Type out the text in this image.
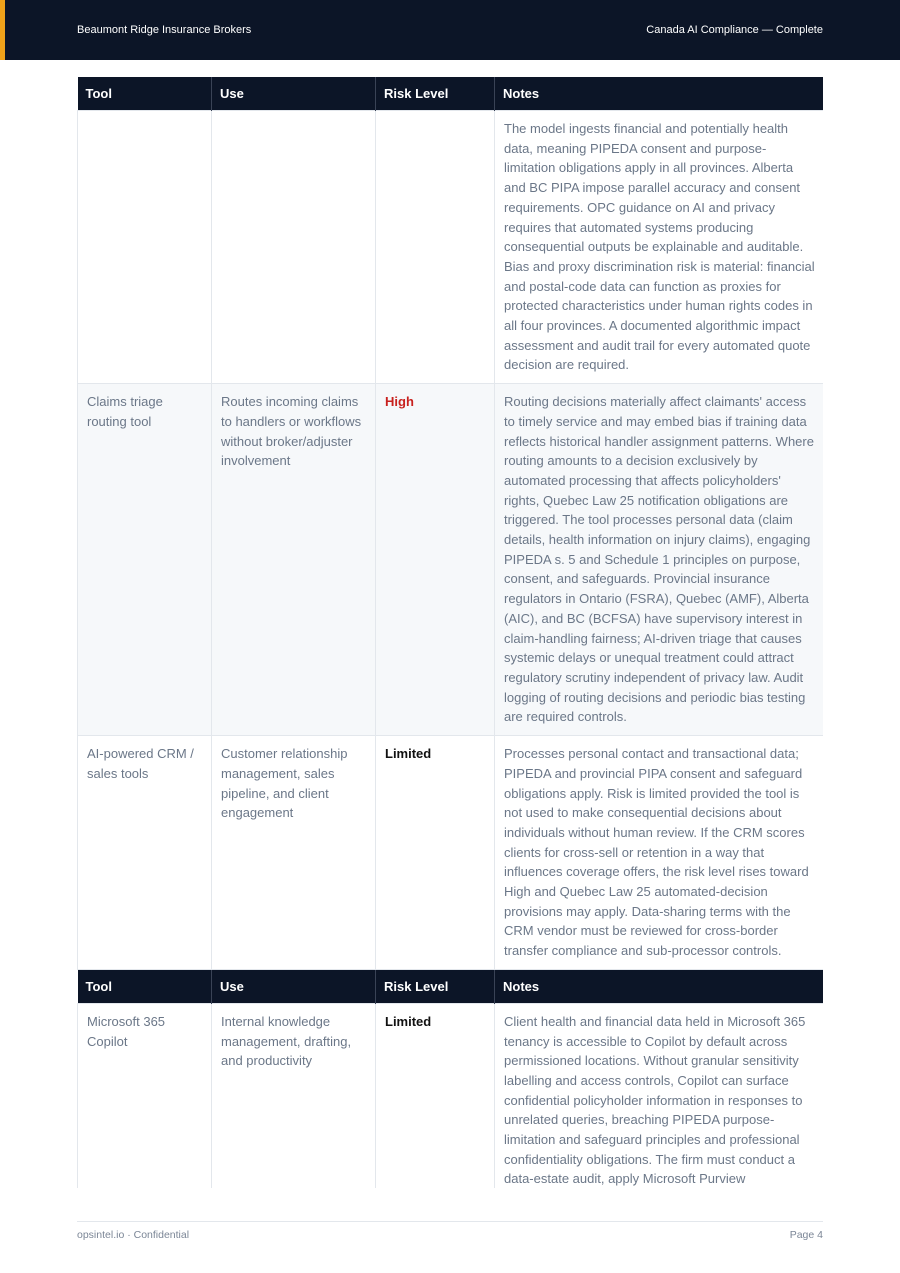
Beaumont Ridge Insurance Brokers	Canada AI Compliance — Complete
Tool	Use	Risk Level	Notes
			The model ingests financial and potentially health data, meaning PIPEDA consent and purpose-limitation obligations apply in all provinces. Alberta and BC PIPA impose parallel accuracy and consent requirements. OPC guidance on AI and privacy requires that automated systems producing consequential outputs be explainable and auditable. Bias and proxy discrimination risk is material: financial and postal-code data can function as proxies for protected characteristics under human rights codes in all four provinces. A documented algorithmic impact assessment and audit trail for every automated quote decision are required.
Claims triage routing tool	Routes incoming claims to handlers or workflows without broker/adjuster involvement	High	Routing decisions materially affect claimants' access to timely service and may embed bias if training data reflects historical handler assignment patterns. Where routing amounts to a decision exclusively by automated processing that affects policyholders' rights, Quebec Law 25 notification obligations are triggered. The tool processes personal data (claim details, health information on injury claims), engaging PIPEDA s. 5 and Schedule 1 principles on purpose, consent, and safeguards. Provincial insurance regulators in Ontario (FSRA), Quebec (AMF), Alberta (AIC), and BC (BCFSA) have supervisory interest in claim-handling fairness; AI-driven triage that causes systemic delays or unequal treatment could attract regulatory scrutiny independent of privacy law. Audit logging of routing decisions and periodic bias testing are required controls.
AI-powered CRM / sales tools	Customer relationship management, sales pipeline, and client engagement	Limited	Processes personal contact and transactional data; PIPEDA and provincial PIPA consent and safeguard obligations apply. Risk is limited provided the tool is not used to make consequential decisions about individuals without human review. If the CRM scores clients for cross-sell or retention in a way that influences coverage offers, the risk level rises toward High and Quebec Law 25 automated-decision provisions may apply. Data-sharing terms with the CRM vendor must be reviewed for cross-border transfer compliance and sub-processor controls.
Tool	Use	Risk Level	Notes
Microsoft 365 Copilot	Internal knowledge management, drafting, and productivity	Limited	Client health and financial data held in Microsoft 365 tenancy is accessible to Copilot by default across permissioned locations. Without granular sensitivity labelling and access controls, Copilot can surface confidential policyholder information in responses to unrelated queries, breaching PIPEDA purpose-limitation and safeguard principles and professional confidentiality obligations. The firm must conduct a data-estate audit, apply Microsoft Purview
opsintel.io · Confidential	Page 4
